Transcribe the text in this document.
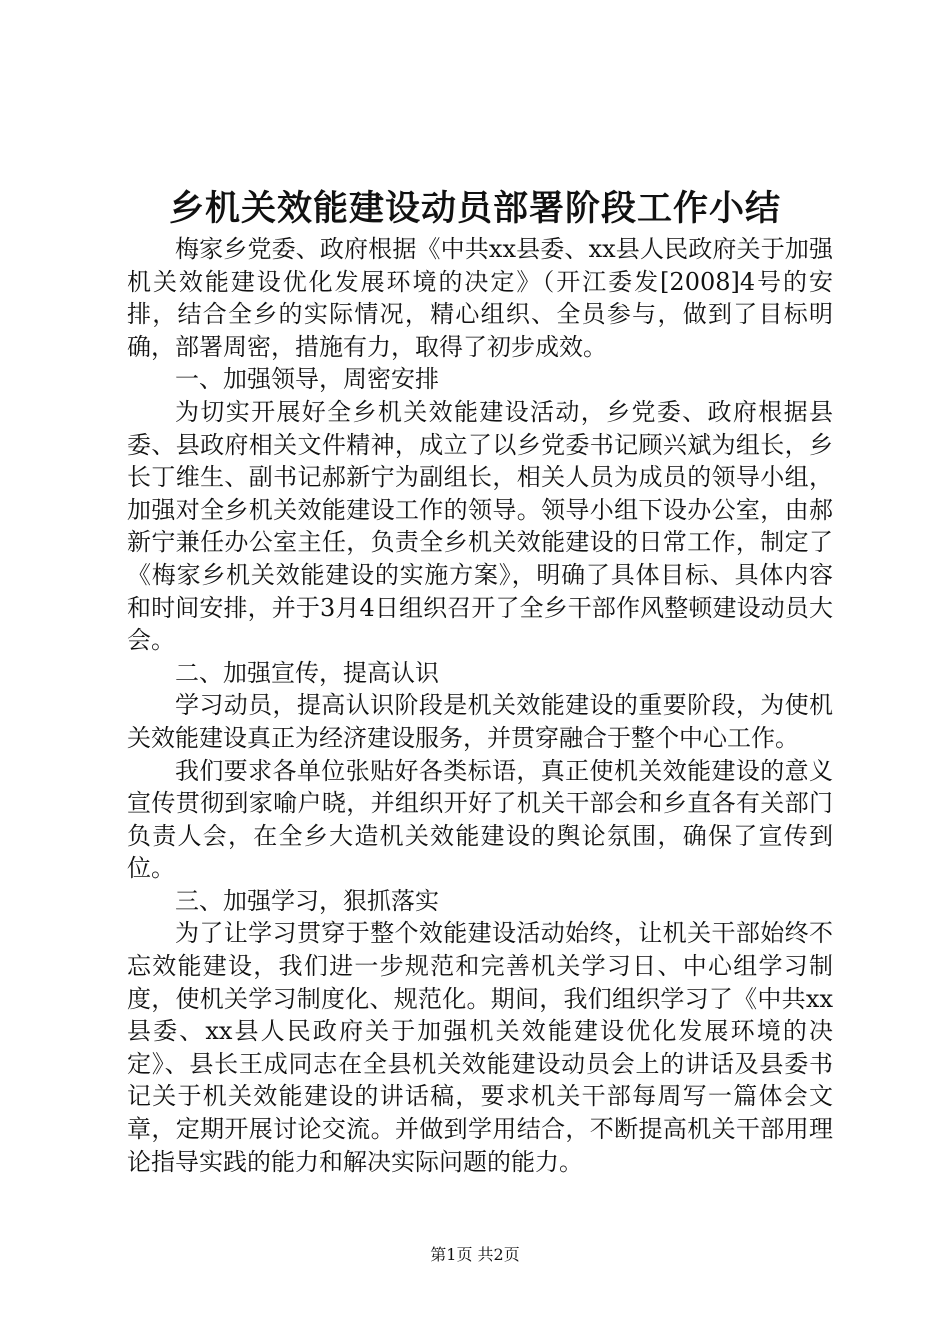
乡机关效能建设动员部署阶段工作小结

梅家乡党委、政府根据《中共xx县委、xx县人民政府关于加强机关效能建设优化发展环境的决定》（开江委发[2008]4号的安排，结合全乡的实际情况，精心组织、全员参与，做到了目标明确，部署周密，措施有力，取得了初步成效。

一、加强领导，周密安排

为切实开展好全乡机关效能建设活动，乡党委、政府根据县委、县政府相关文件精神，成立了以乡党委书记顾兴斌为组长，乡长丁维生、副书记郝新宁为副组长，相关人员为成员的领导小组，加强对全乡机关效能建设工作的领导。领导小组下设办公室，由郝新宁兼任办公室主任，负责全乡机关效能建设的日常工作，制定了《梅家乡机关效能建设的实施方案》，明确了具体目标、具体内容和时间安排，并于3月4日组织召开了全乡干部作风整顿建设动员大会。

二、加强宣传，提高认识

学习动员，提高认识阶段是机关效能建设的重要阶段，为使机关效能建设真正为经济建设服务，并贯穿融合于整个中心工作。

我们要求各单位张贴好各类标语，真正使机关效能建设的意义宣传贯彻到家喻户晓，并组织开好了机关干部会和乡直各有关部门负责人会，在全乡大造机关效能建设的舆论氛围，确保了宣传到位。

三、加强学习，狠抓落实

为了让学习贯穿于整个效能建设活动始终，让机关干部始终不忘效能建设，我们进一步规范和完善机关学习日、中心组学习制度，使机关学习制度化、规范化。期间，我们组织学习了《中共xx县委、xx县人民政府关于加强机关效能建设优化发展环境的决定》、县长王成同志在全县机关效能建设动员会上的讲话及县委书记关于机关效能建设的讲话稿，要求机关干部每周写一篇体会文章，定期开展讨论交流。并做到学用结合，不断提高机关干部用理论指导实践的能力和解决实际问题的能力。

第1页 共2页
